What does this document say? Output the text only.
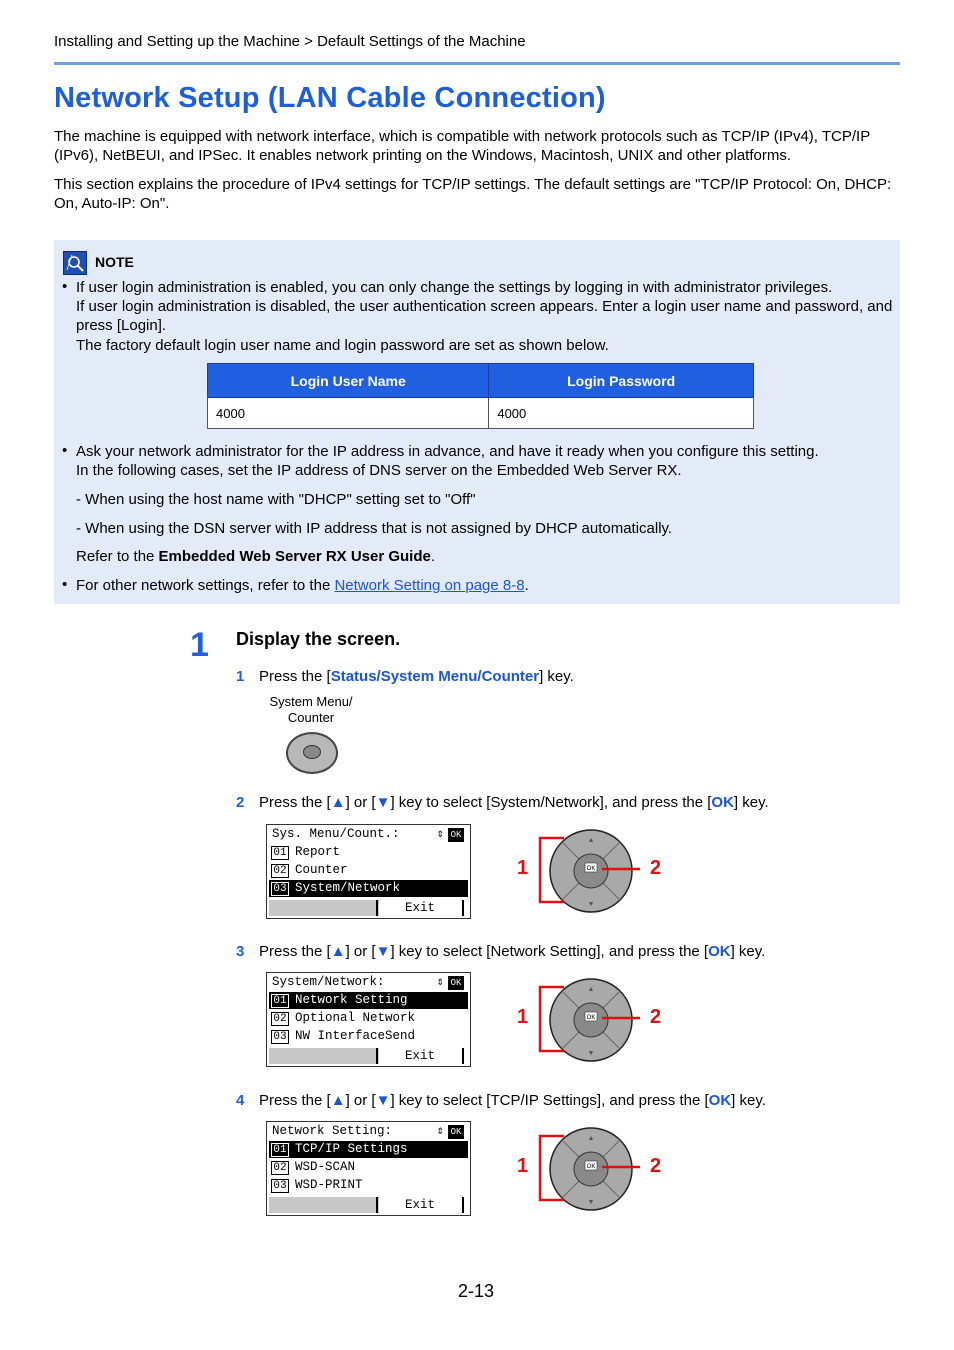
Installing and Setting up the Machine > Default Settings of the Machine
Network Setup (LAN Cable Connection)

The machine is equipped with network interface, which is compatible with network protocols such as TCP/IP (IPv4), TCP/IP (IPv6), NetBEUI, and IPSec. It enables network printing on the Windows, Macintosh, UNIX and other platforms.

This section explains the procedure of IPv4 settings for TCP/IP settings. The default settings are "TCP/IP Protocol: On, DHCP: On, Auto-IP: On".

NOTE
• If user login administration is enabled, you can only change the settings by logging in with administrator privileges.
If user login administration is disabled, the user authentication screen appears. Enter a login user name and password, and press [Login].
The factory default login user name and login password are set as shown below.
Login User Name	Login Password
4000	4000
• Ask your network administrator for the IP address in advance, and have it ready when you configure this setting.
In the following cases, set the IP address of DNS server on the Embedded Web Server RX.
- When using the host name with "DHCP" setting set to "Off"
- When using the DSN server with IP address that is not assigned by DHCP automatically.
Refer to the Embedded Web Server RX User Guide.
• For other network settings, refer to the Network Setting on page 8-8.
1 Display the screen.
1 Press the [Status/System Menu/Counter] key.
System Menu/
Counter
2 Press the [▲] or [▼] key to select [System/Network], and press the [OK] key.
Sys. Menu/Count.:	⇕ OK
01 Report
02 Counter
03 System/Network
Exit
OK
▲
▼
1	2
3 Press the [▲] or [▼] key to select [Network Setting], and press the [OK] key.
System/Network:	⇕ OK
01 Network Setting
02 Optional Network
03 NW InterfaceSend
Exit
OK
▲
▼
1	2
4 Press the [▲] or [▼] key to select [TCP/IP Settings], and press the [OK] key.
Network Setting:	⇕ OK
01 TCP/IP Settings
02 WSD-SCAN
03 WSD-PRINT
Exit
OK
▲
▼
1	2
2-13
